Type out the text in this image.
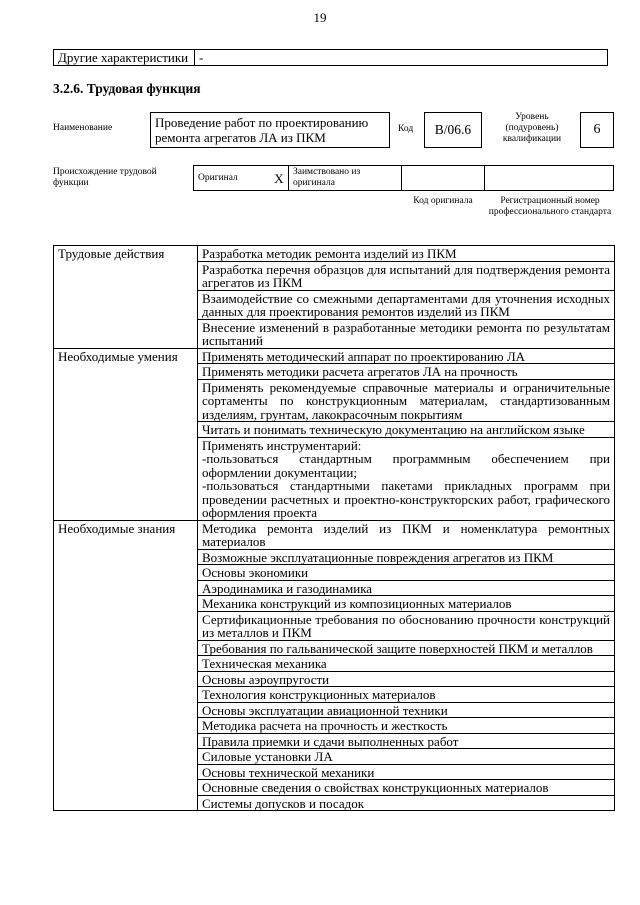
19
Другие характеристики	-
3.2.6. Трудовая функция
Наименование	Проведение работ по проектированию ремонта агрегатов ЛА из ПКМ
Код	В/06.6
Уровень (подуровень) квалификации
6
Происхождение трудовой функции
Оригинал	X	Заимствовано из оригинала		
Код оригинала	Регистрационный номер профессионального стандарта
Трудовые действия	Разработка методик ремонта изделий из ПКМ

	Разработка перечня образцов для испытаний для подтверждения ремонта агрегатов из ПКМ

	Взаимодействие со смежными департаментами для уточнения исходных данных для проектирования ремонтов изделий из ПКМ

	Внесение изменений в разработанные методики ремонта по результатам испытаний

Необходимые умения	Применять методический аппарат по проектированию ЛА

	Применять методики расчета агрегатов ЛА на прочность

	Применять рекомендуемые справочные материалы и ограничительные сортаменты по конструкционным материалам, стандартизованным изделиям, грунтам, лакокрасочным покрытиям

	Читать и понимать техническую документацию на английском языке

	Применять инструментарий:
-пользоваться стандартным программным обеспечением при оформлении документации;
-пользоваться стандартными пакетами прикладных программ при проведении расчетных и проектно-конструкторских работ, графического оформления проекта

Необходимые знания	Методика ремонта изделий из ПКМ и номенклатура ремонтных материалов

	Возможные эксплуатационные повреждения агрегатов из ПКМ

	Основы экономики

	Аэродинамика и газодинамика

	Механика конструкций из композиционных материалов

	Сертификационные требования по обоснованию прочности конструкций из металлов и ПКМ

	Требования по гальванической защите поверхностей ПКМ и металлов

	Техническая механика

	Основы аэроупругости

	Технология конструкционных материалов

	Основы эксплуатации авиационной техники

	Методика расчета на прочность и жесткость

	Правила приемки и сдачи выполненных работ

	Силовые установки ЛА

	Основы технической механики

	Основные сведения о свойствах конструкционных материалов

	Системы допусков и посадок
